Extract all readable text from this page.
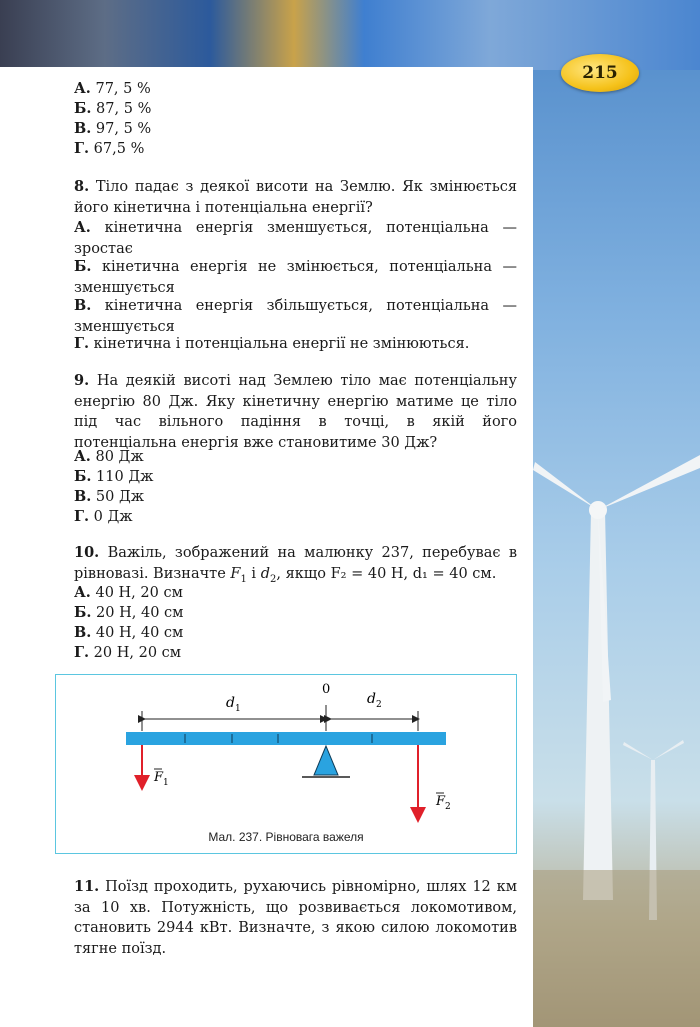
215
А. 77, 5 %
Б. 87, 5 %
В. 97, 5 %
Г. 67,5 %
8. Тіло падає з деякої висоти на Землю. Як змінюється його кінетична і потенціальна енергії?
А. кінетична енергія зменшується, потенціальна — зростає
Б. кінетична енергія не змінюється, потенціальна — зменшується
В. кінетична енергія збільшується, потенціальна — зменшується
Г. кінетична і потенціальна енергії не змінюються.
9. На деякій висоті над Землею тіло має потенціальну енергію 80 Дж. Яку кінетичну енергію матиме це тіло під час вільного падіння в точці, в якій його потенціальна енергія вже становитиме 30 Дж?
А. 80 Дж
Б. 110 Дж
В. 50 Дж
Г. 0 Дж
10. Важіль, зображений на малюнку 237, перебуває в рівновазі. Визначте $F_1$ і $d_2$, якщо F₂ = 40 Н, d₁ = 40 см.
А. 40 Н, 20 см
Б. 20 Н, 40 см
В. 40 Н, 40 см
Г. 20 Н, 20 см
$d_1$
0
$d_2$
$F_1$
$F_2$
Мал. 237. Рівновага важеля
11. Поїзд проходить, рухаючись рівномірно, шлях 12 км за 10 хв. Потужність, що розвивається локомотивом, становить 2944 кВт. Визначте, з якою силою локомотив тягне поїзд.
